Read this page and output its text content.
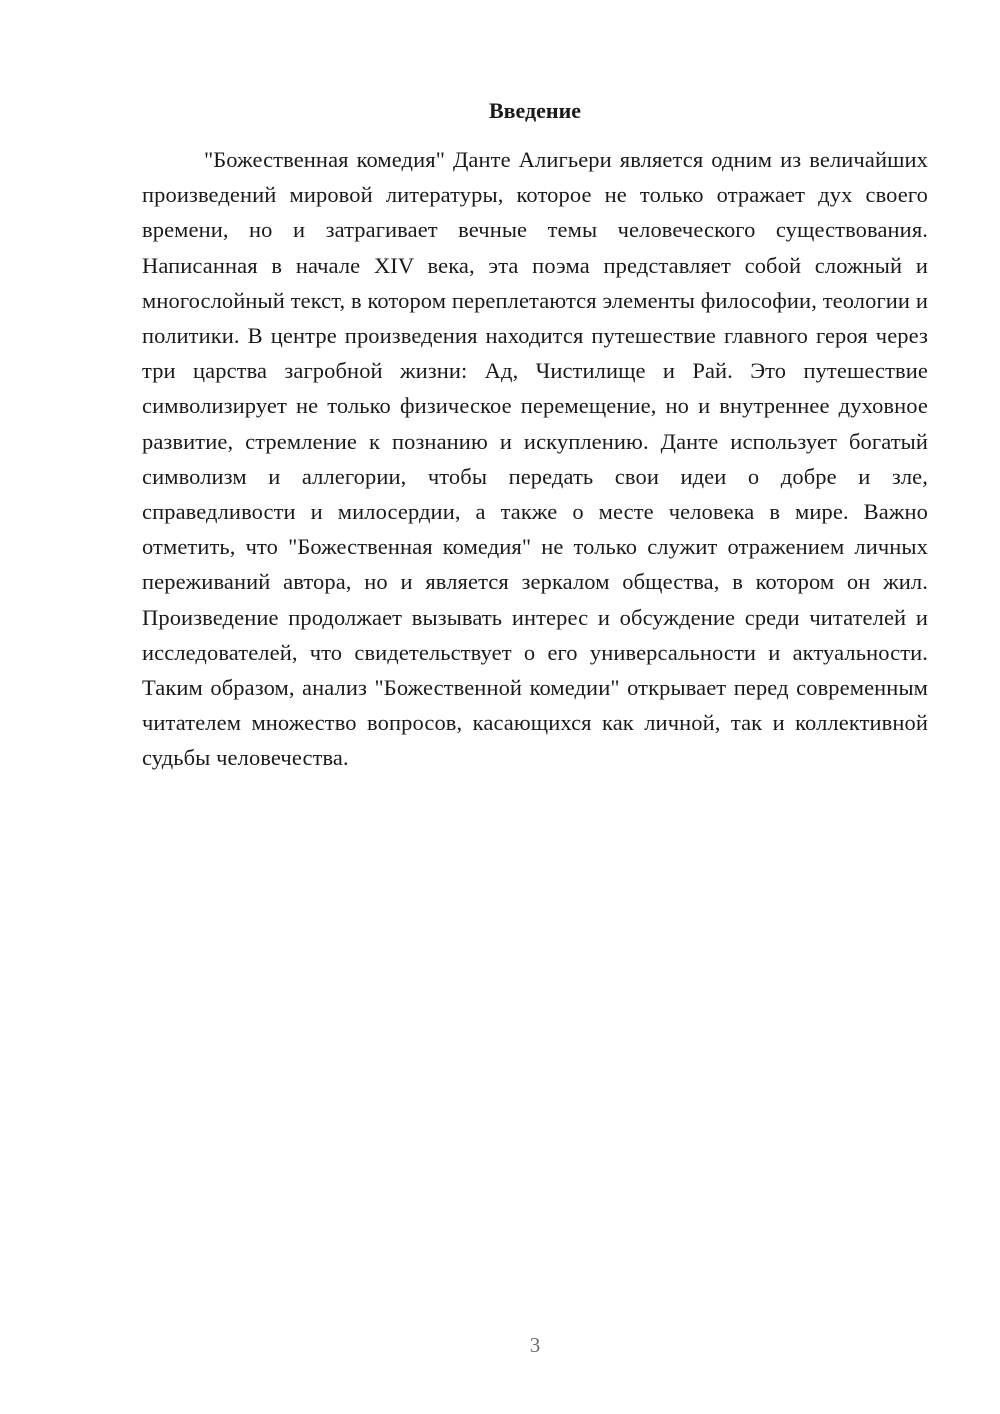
Введение

"Божественная комедия" Данте Алигьери является одним из величайших произведений мировой литературы, которое не только отражает дух своего времени, но и затрагивает вечные темы человеческого существования. Написанная в начале XIV века, эта поэма представляет собой сложный и многослойный текст, в котором переплетаются элементы философии, теологии и политики. В центре произведения находится путешествие главного героя через три царства загробной жизни: Ад, Чистилище и Рай. Это путешествие символизирует не только физическое перемещение, но и внутреннее духовное развитие, стремление к познанию и искуплению. Данте использует богатый символизм и аллегории, чтобы передать свои идеи о добре и зле, справедливости и милосердии, а также о месте человека в мире. Важно отметить, что "Божественная комедия" не только служит отражением личных переживаний автора, но и является зеркалом общества, в котором он жил. Произведение продолжает вызывать интерес и обсуждение среди читателей и исследователей, что свидетельствует о его универсальности и актуальности. Таким образом, анализ "Божественной комедии" открывает перед современным читателем множество вопросов, касающихся как личной, так и коллективной судьбы человечества.

3
